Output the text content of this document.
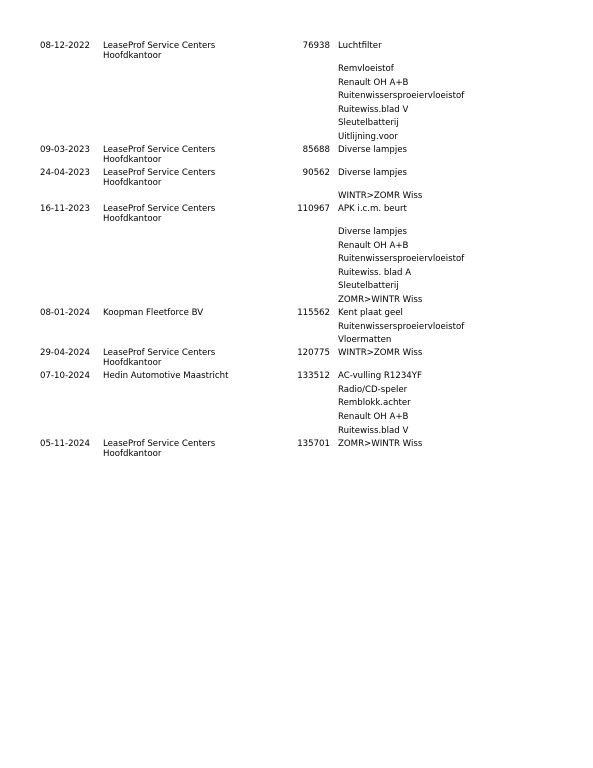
08-12-2022	LeaseProf Service Centers
Hoofdkantoor
76938 Luchtfilter
Remvloeistof
Renault OH A+B
Ruitenwissersproeiervloeistof
Ruitewiss.blad V
Sleutelbatterij
Uitlijning.voor
09-03-2023	LeaseProf Service Centers
Hoofdkantoor
85688 Diverse lampjes
24-04-2023	LeaseProf Service Centers
Hoofdkantoor
90562 Diverse lampjes
WINTR>ZOMR Wiss
16-11-2023	LeaseProf Service Centers
Hoofdkantoor
110967 APK i.c.m. beurt
Diverse lampjes
Renault OH A+B
Ruitenwissersproeiervloeistof
Ruitewiss. blad A
Sleutelbatterij
ZOMR>WINTR Wiss
08-01-2024	Koopman Fleetforce BV	115562 Kent plaat geel
Ruitenwissersproeiervloeistof
Vloermatten
29-04-2024	LeaseProf Service Centers
Hoofdkantoor
120775 WINTR>ZOMR Wiss
07-10-2024	Hedin Automotive Maastricht	133512 AC-vulling R1234YF
Radio/CD-speler
Remblokk.achter
Renault OH A+B
Ruitewiss.blad V
05-11-2024	LeaseProf Service Centers
Hoofdkantoor
135701 ZOMR>WINTR Wiss
